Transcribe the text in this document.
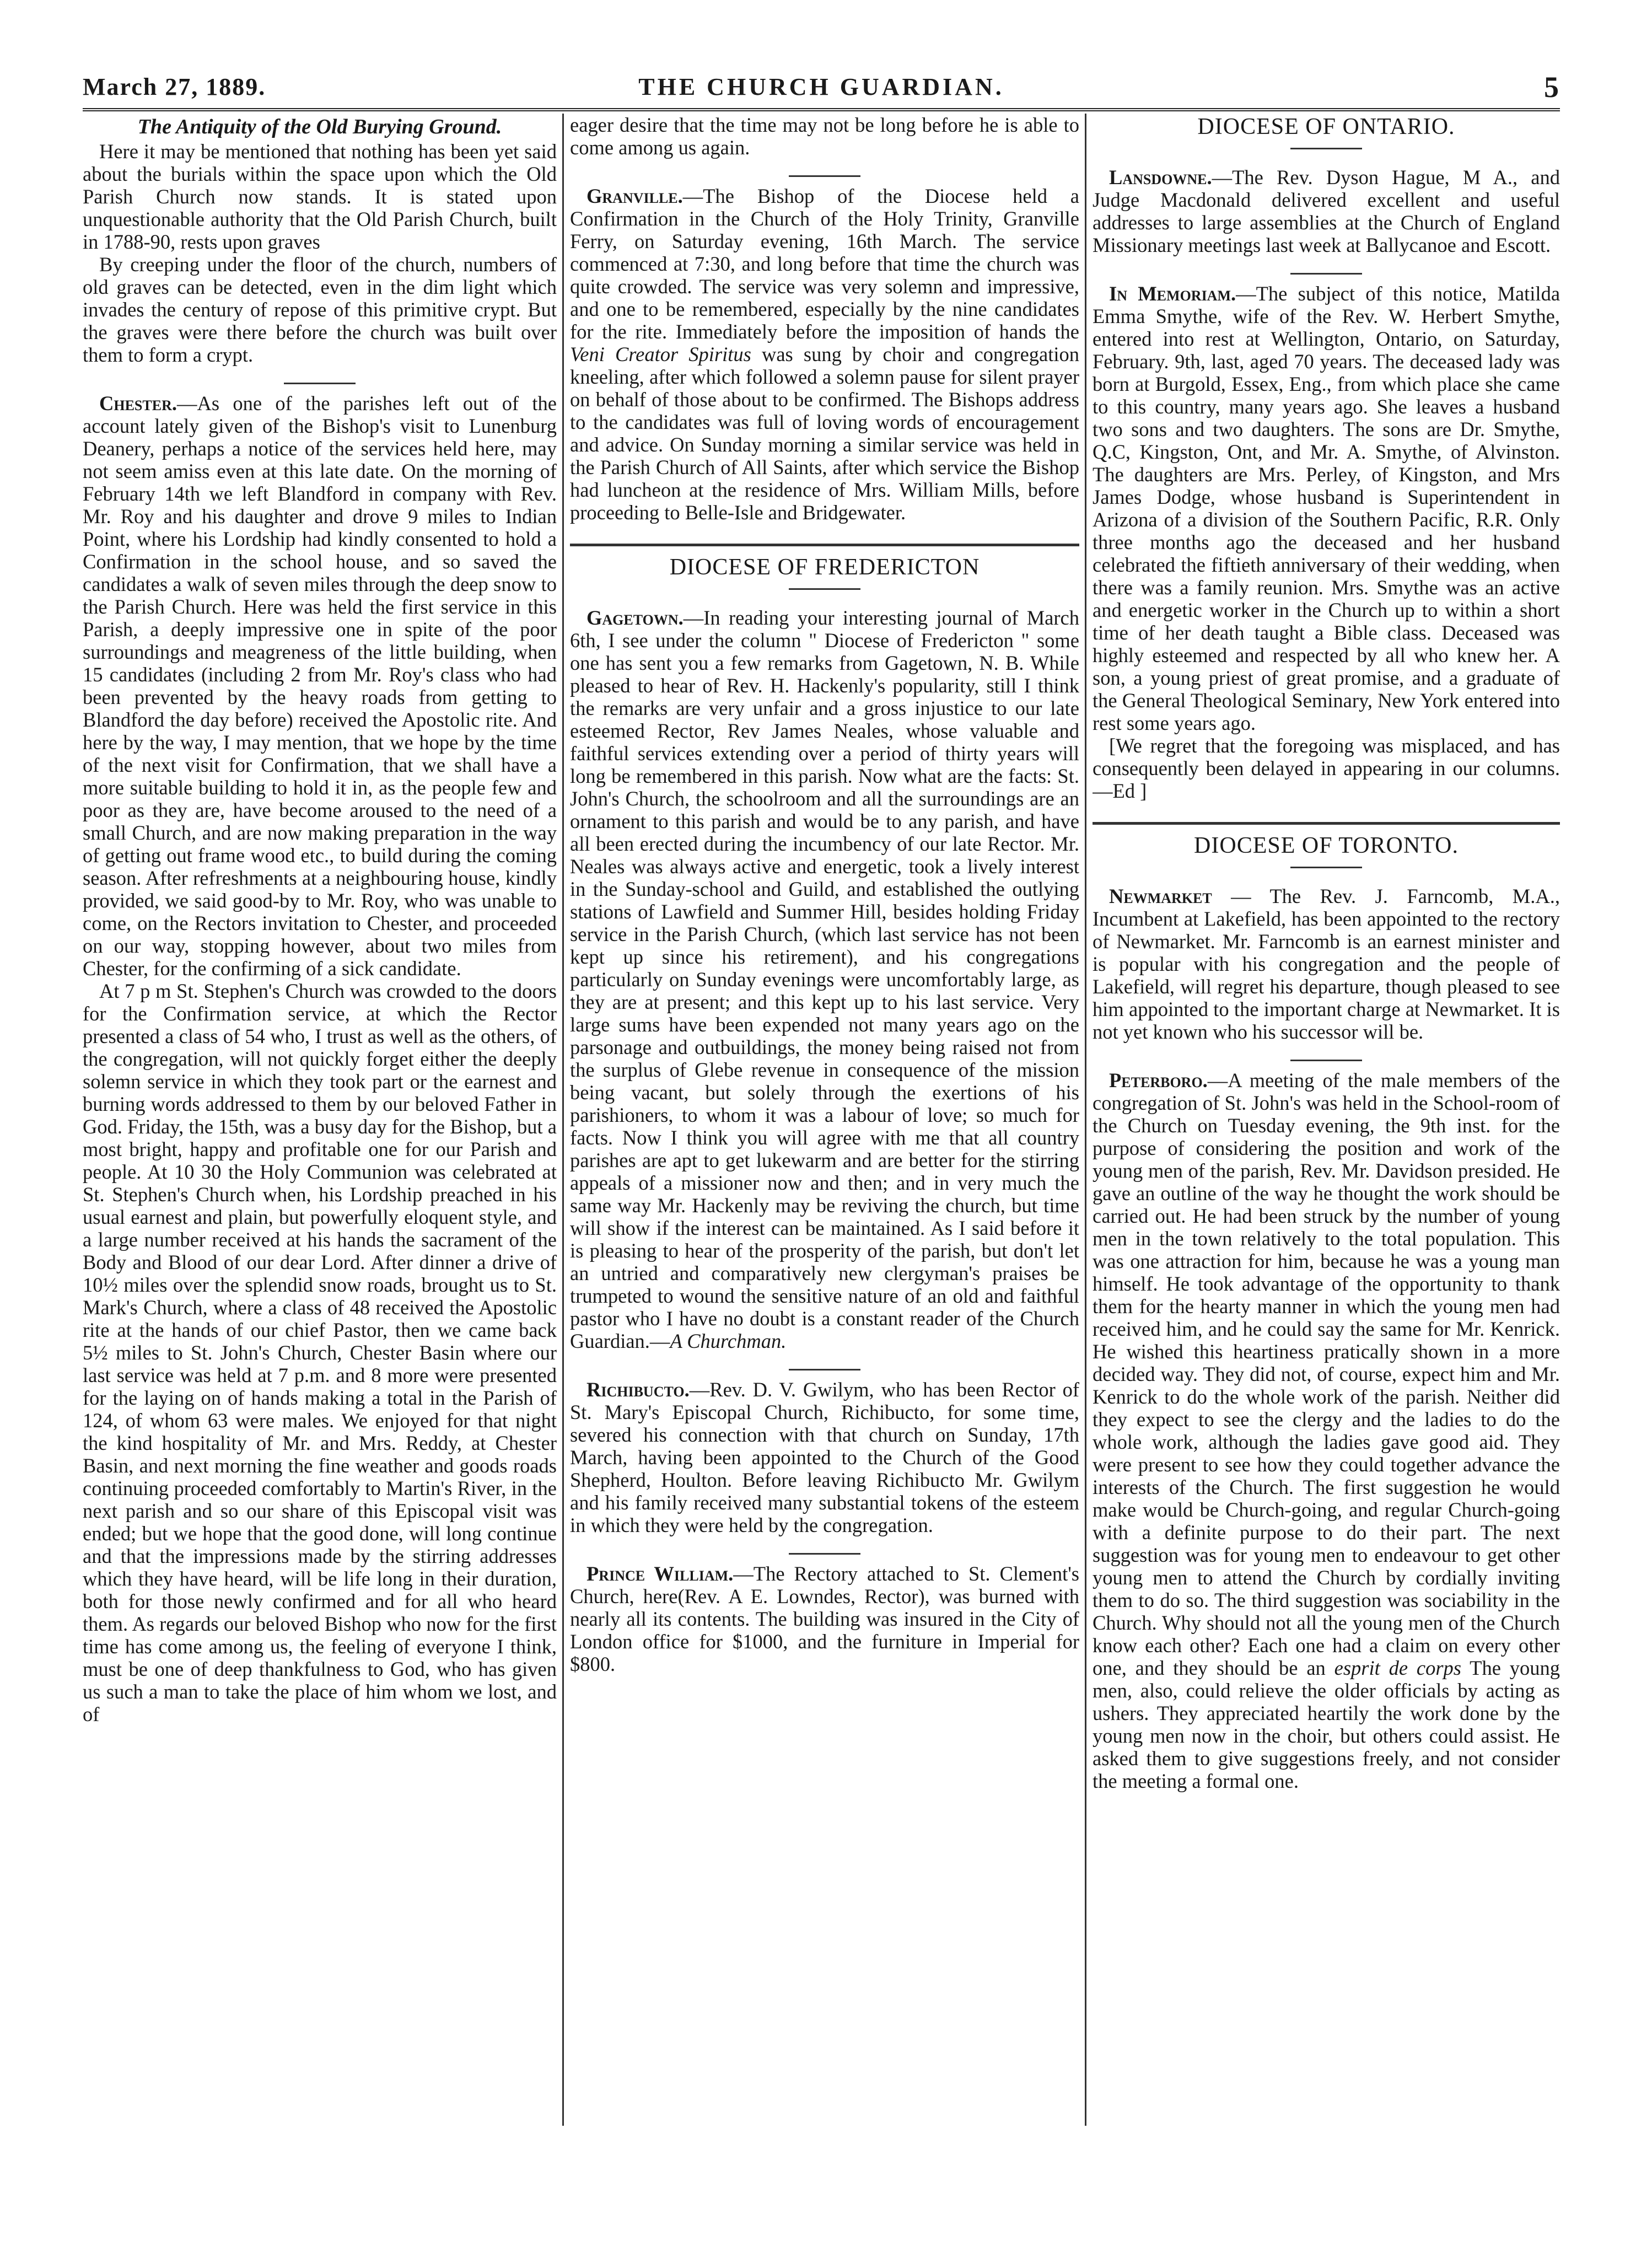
March 27, 1889.	THE CHURCH GUARDIAN.	5
The Antiquity of the Old Burying Ground.

Here it may be mentioned that nothing has been yet said about the burials within the space upon which the Old Parish Church now stands. It is stated upon unquestionable authority that the Old Parish Church, built in 1788-90, rests upon graves

By creeping under the floor of the church, numbers of old graves can be detected, even in the dim light which invades the century of repose of this primitive crypt. But the graves were there before the church was built over them to form a crypt.

Chester.—As one of the parishes left out of the account lately given of the Bishop's visit to Lunenburg Deanery, perhaps a notice of the services held here, may not seem amiss even at this late date. On the morning of February 14th we left Blandford in company with Rev. Mr. Roy and his daughter and drove 9 miles to Indian Point, where his Lordship had kindly consented to hold a Confirmation in the school house, and so saved the candidates a walk of seven miles through the deep snow to the Parish Church. Here was held the first service in this Parish, a deeply impressive one in spite of the poor surroundings and meagreness of the little building, when 15 candidates (including 2 from Mr. Roy's class who had been prevented by the heavy roads from getting to Blandford the day before) received the Apostolic rite. And here by the way, I may mention, that we hope by the time of the next visit for Confirmation, that we shall have a more suitable building to hold it in, as the people few and poor as they are, have become aroused to the need of a small Church, and are now making preparation in the way of getting out frame wood etc., to build during the coming season. After refreshments at a neighbouring house, kindly provided, we said good-by to Mr. Roy, who was unable to come, on the Rectors invitation to Chester, and proceeded on our way, stopping however, about two miles from Chester, for the confirming of a sick candidate.

At 7 p m St. Stephen's Church was crowded to the doors for the Confirmation service, at which the Rector presented a class of 54 who, I trust as well as the others, of the congregation, will not quickly forget either the deeply solemn service in which they took part or the earnest and burning words addressed to them by our beloved Father in God. Friday, the 15th, was a busy day for the Bishop, but a most bright, happy and profitable one for our Parish and people. At 10 30 the Holy Communion was celebrated at St. Stephen's Church when, his Lordship preached in his usual earnest and plain, but powerfully eloquent style, and a large number received at his hands the sacrament of the Body and Blood of our dear Lord. After dinner a drive of 10½ miles over the splendid snow roads, brought us to St. Mark's Church, where a class of 48 received the Apostolic rite at the hands of our chief Pastor, then we came back 5½ miles to St. John's Church, Chester Basin where our last service was held at 7 p.m. and 8 more were presented for the laying on of hands making a total in the Parish of 124, of whom 63 were males. We enjoyed for that night the kind hospitality of Mr. and Mrs. Reddy, at Chester Basin, and next morning the fine weather and goods roads continuing proceeded comfortably to Martin's River, in the next parish and so our share of this Episcopal visit was ended; but we hope that the good done, will long continue and that the impressions made by the stirring addresses which they have heard, will be life long in their duration, both for those newly confirmed and for all who heard them. As regards our beloved Bishop who now for the first time has come among us, the feeling of everyone I think, must be one of deep thankfulness to God, who has given us such a man to take the place of him whom we lost, and of

eager desire that the time may not be long before he is able to come among us again.

Granville.—The Bishop of the Diocese held a Confirmation in the Church of the Holy Trinity, Granville Ferry, on Saturday evening, 16th March. The service commenced at 7:30, and long before that time the church was quite crowded. The service was very solemn and impressive, and one to be remembered, especially by the nine candidates for the rite. Immediately before the imposition of hands the Veni Creator Spiritus was sung by choir and congregation kneeling, after which followed a solemn pause for silent prayer on behalf of those about to be confirmed. The Bishops address to the candidates was full of loving words of encouragement and advice. On Sunday morning a similar service was held in the Parish Church of All Saints, after which service the Bishop had luncheon at the residence of Mrs. William Mills, before proceeding to Belle-Isle and Bridgewater.

DIOCESE OF FREDERICTON

Gagetown.—In reading your interesting journal of March 6th, I see under the column " Diocese of Fredericton " some one has sent you a few remarks from Gagetown, N. B. While pleased to hear of Rev. H. Hackenly's popularity, still I think the remarks are very unfair and a gross injustice to our late esteemed Rector, Rev James Neales, whose valuable and faithful services extending over a period of thirty years will long be remembered in this parish. Now what are the facts: St. John's Church, the schoolroom and all the surroundings are an ornament to this parish and would be to any parish, and have all been erected during the incumbency of our late Rector. Mr. Neales was always active and energetic, took a lively interest in the Sunday-school and Guild, and established the outlying stations of Lawfield and Summer Hill, besides holding Friday service in the Parish Church, (which last service has not been kept up since his retirement), and his congregations particularly on Sunday evenings were uncomfortably large, as they are at present; and this kept up to his last service. Very large sums have been expended not many years ago on the parsonage and outbuildings, the money being raised not from the surplus of Glebe revenue in consequence of the mission being vacant, but solely through the exertions of his parishioners, to whom it was a labour of love; so much for facts. Now I think you will agree with me that all country parishes are apt to get lukewarm and are better for the stirring appeals of a missioner now and then; and in very much the same way Mr. Hackenly may be reviving the church, but time will show if the interest can be maintained. As I said before it is pleasing to hear of the prosperity of the parish, but don't let an untried and comparatively new clergyman's praises be trumpeted to wound the sensitive nature of an old and faithful pastor who I have no doubt is a constant reader of the Church Guardian.—A Churchman.

Richibucto.—Rev. D. V. Gwilym, who has been Rector of St. Mary's Episcopal Church, Richibucto, for some time, severed his connection with that church on Sunday, 17th March, having been appointed to the Church of the Good Shepherd, Houlton. Before leaving Richibucto Mr. Gwilym and his family received many substantial tokens of the esteem in which they were held by the congregation.

Prince William.—The Rectory attached to St. Clement's Church, here(Rev. A E. Lowndes, Rector), was burned with nearly all its contents. The building was insured in the City of London office for $1000, and the furniture in Imperial for $800.

DIOCESE OF ONTARIO.

Lansdowne.—The Rev. Dyson Hague, M A., and Judge Macdonald delivered excellent and useful addresses to large assemblies at the Church of England Missionary meetings last week at Ballycanoe and Escott.

In Memoriam.—The subject of this notice, Matilda Emma Smythe, wife of the Rev. W. Herbert Smythe, entered into rest at Wellington, Ontario, on Saturday, February. 9th, last, aged 70 years. The deceased lady was born at Burgold, Essex, Eng., from which place she came to this country, many years ago. She leaves a husband two sons and two daughters. The sons are Dr. Smythe, Q.C, Kingston, Ont, and Mr. A. Smythe, of Alvinston. The daughters are Mrs. Perley, of Kingston, and Mrs James Dodge, whose husband is Superintendent in Arizona of a division of the Southern Pacific, R.R. Only three months ago the deceased and her husband celebrated the fiftieth anniversary of their wedding, when there was a family reunion. Mrs. Smythe was an active and energetic worker in the Church up to within a short time of her death taught a Bible class. Deceased was highly esteemed and respected by all who knew her. A son, a young priest of great promise, and a graduate of the General Theological Seminary, New York entered into rest some years ago.

[We regret that the foregoing was misplaced, and has consequently been delayed in appearing in our columns.—Ed ]

DIOCESE OF TORONTO.

Newmarket — The Rev. J. Farncomb, M.A., Incumbent at Lakefield, has been appointed to the rectory of Newmarket. Mr. Farncomb is an earnest minister and is popular with his congregation and the people of Lakefield, will regret his departure, though pleased to see him appointed to the important charge at Newmarket. It is not yet known who his successor will be.

Peterboro.—A meeting of the male members of the congregation of St. John's was held in the School-room of the Church on Tuesday evening, the 9th inst. for the purpose of considering the position and work of the young men of the parish, Rev. Mr. Davidson presided. He gave an outline of the way he thought the work should be carried out. He had been struck by the number of young men in the town relatively to the total population. This was one attraction for him, because he was a young man himself. He took advantage of the opportunity to thank them for the hearty manner in which the young men had received him, and he could say the same for Mr. Kenrick. He wished this heartiness pratically shown in a more decided way. They did not, of course, expect him and Mr. Kenrick to do the whole work of the parish. Neither did they expect to see the clergy and the ladies to do the whole work, although the ladies gave good aid. They were present to see how they could together advance the interests of the Church. The first suggestion he would make would be Church-going, and regular Church-going with a definite purpose to do their part. The next suggestion was for young men to endeavour to get other young men to attend the Church by cordially inviting them to do so. The third suggestion was sociability in the Church. Why should not all the young men of the Church know each other? Each one had a claim on every other one, and they should be an esprit de corps The young men, also, could relieve the older officials by acting as ushers. They appreciated heartily the work done by the young men now in the choir, but others could assist. He asked them to give suggestions freely, and not consider the meeting a formal one.
